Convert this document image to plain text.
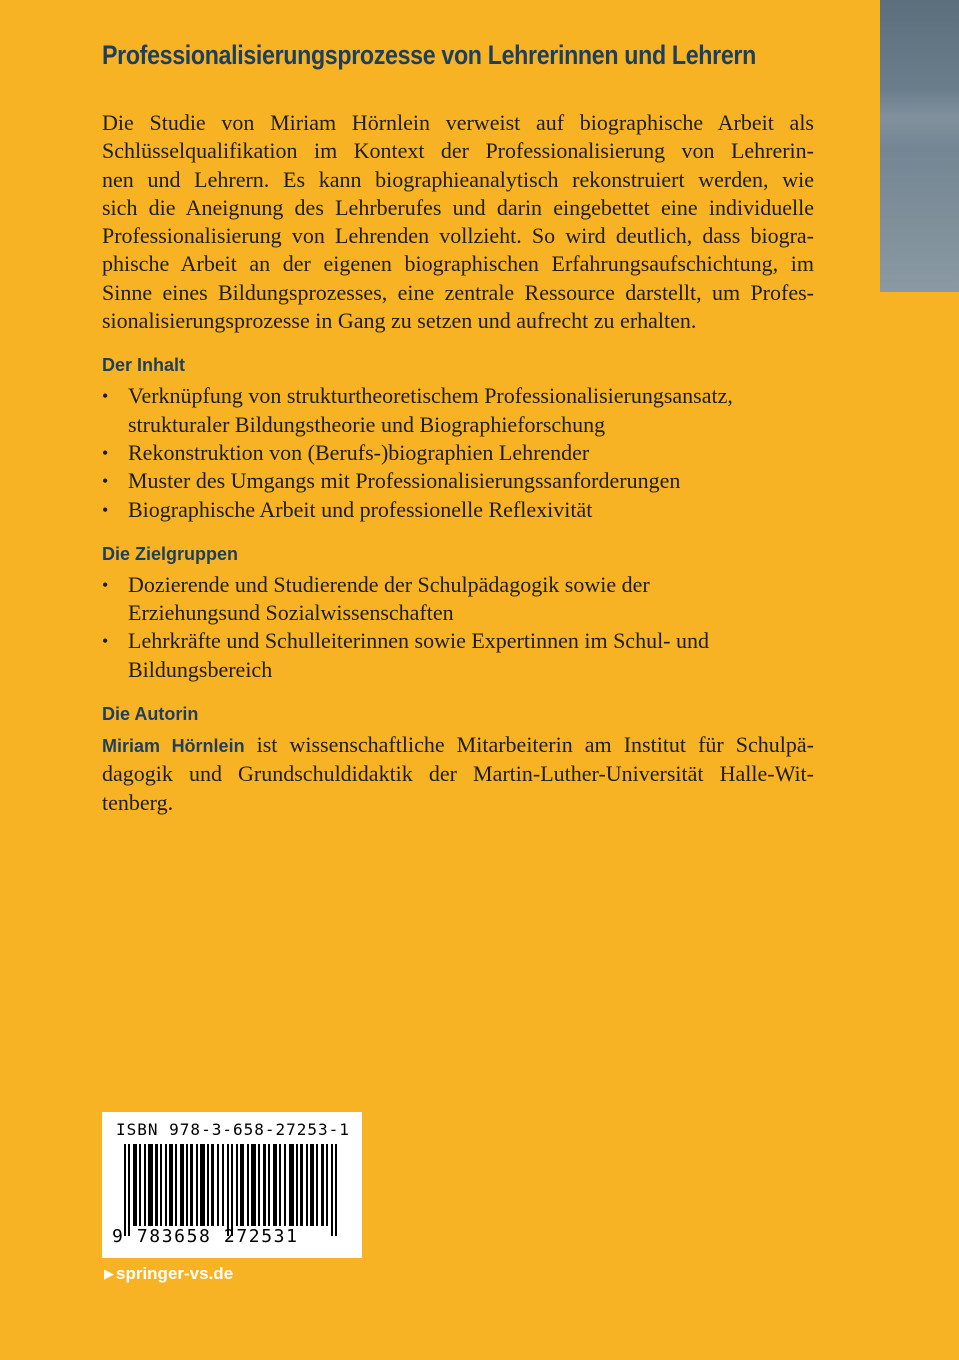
Professionalisierungsprozesse von Lehrerinnen und Lehrern

Die Studie von Miriam Hörnlein verweist auf biographische Arbeit als
Schlüsselqualifikation im Kontext der Professionalisierung von Lehrerin-
nen und Lehrern. Es kann biographieanalytisch rekonstruiert werden, wie
sich die Aneignung des Lehrberufes und darin eingebettet eine individuelle
Professionalisierung von Lehrenden vollzieht. So wird deutlich, dass biogra-
phische Arbeit an der eigenen biographischen Erfahrungsaufschichtung, im
Sinne eines Bildungsprozesses, eine zentrale Ressource darstellt, um Profes-
sionalisierungsprozesse in Gang zu setzen und aufrecht zu erhalten.

Der Inhalt
• Verknüpfung von strukturtheoretischem Professionalisierungsansatz,
strukturaler Bildungstheorie und Biographieforschung
• Rekonstruktion von (Berufs-)biographien Lehrender
• Muster des Umgangs mit Professionalisierungssanforderungen
• Biographische Arbeit und professionelle Reflexivität
Die Zielgruppen
• Dozierende und Studierende der Schulpädagogik sowie der
Erziehungsund Sozialwissenschaften
• Lehrkräfte und Schulleiterinnen sowie Expertinnen im Schul- und
Bildungsbereich
Die Autorin

Miriam Hörnlein ist wissenschaftliche Mitarbeiterin am Institut für Schulpä-
dagogik und Grundschuldidaktik der Martin-Luther-Universität Halle-Wit-
tenberg.

ISBN 978-3-658-27253-1
9 783658 272531
▶ springer-vs.de
